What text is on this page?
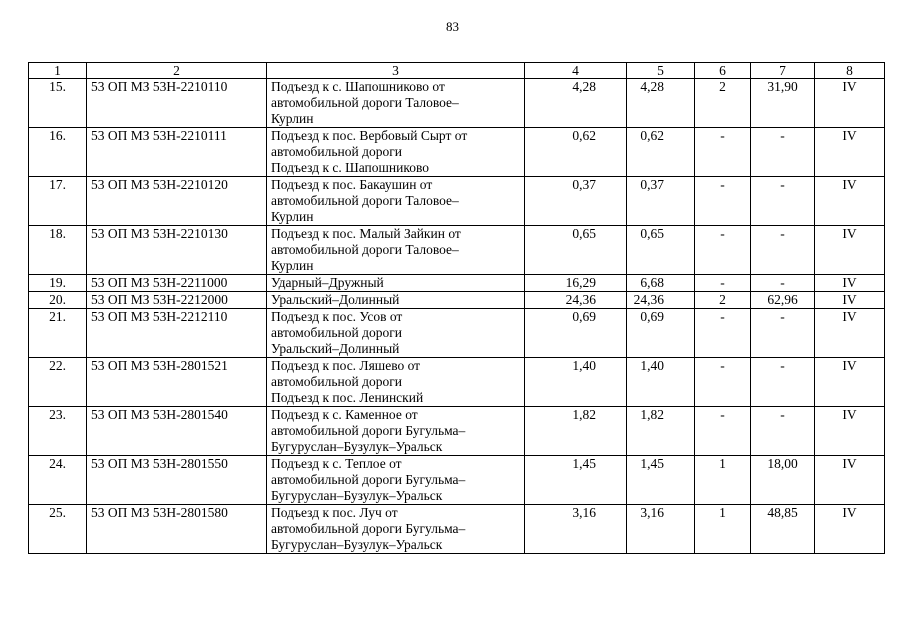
83
1	2	3	4	5	6	7	8
15.	53 ОП МЗ 53Н-2210110	Подъезд к с. Шапошниково от
автомобильной дороги Таловое–
Курлин	4,28	4,28	2	31,90	IV
16.	53 ОП МЗ 53Н-2210111	Подъезд к пос. Вербовый Сырт от
автомобильной дороги
Подъезд к с. Шапошниково	0,62	0,62	-	-	IV
17.	53 ОП МЗ 53Н-2210120	Подъезд к пос. Бакаушин от
автомобильной дороги Таловое–
Курлин	0,37	0,37	-	-	IV
18.	53 ОП МЗ 53Н-2210130	Подъезд к пос. Малый Зайкин от
автомобильной дороги Таловое–
Курлин	0,65	0,65	-	-	IV
19.	53 ОП МЗ 53Н-2211000	Ударный–Дружный	16,29	6,68	-	-	IV
20.	53 ОП МЗ 53Н-2212000	Уральский–Долинный	24,36	24,36	2	62,96	IV
21.	53 ОП МЗ 53Н-2212110	Подъезд к пос. Усов от
автомобильной дороги
Уральский–Долинный	0,69	0,69	-	-	IV
22.	53 ОП МЗ 53Н-2801521	Подъезд к пос. Ляшево от
автомобильной дороги
Подъезд к пос. Ленинский	1,40	1,40	-	-	IV
23.	53 ОП МЗ 53Н-2801540	Подъезд к с. Каменное от
автомобильной дороги Бугульма–
Бугуруслан–Бузулук–Уральск	1,82	1,82	-	-	IV
24.	53 ОП МЗ 53Н-2801550	Подъезд к с. Теплое от
автомобильной дороги Бугульма–
Бугуруслан–Бузулук–Уральск	1,45	1,45	1	18,00	IV
25.	53 ОП МЗ 53Н-2801580	Подъезд к пос. Луч от
автомобильной дороги Бугульма–
Бугуруслан–Бузулук–Уральск	3,16	3,16	1	48,85	IV
